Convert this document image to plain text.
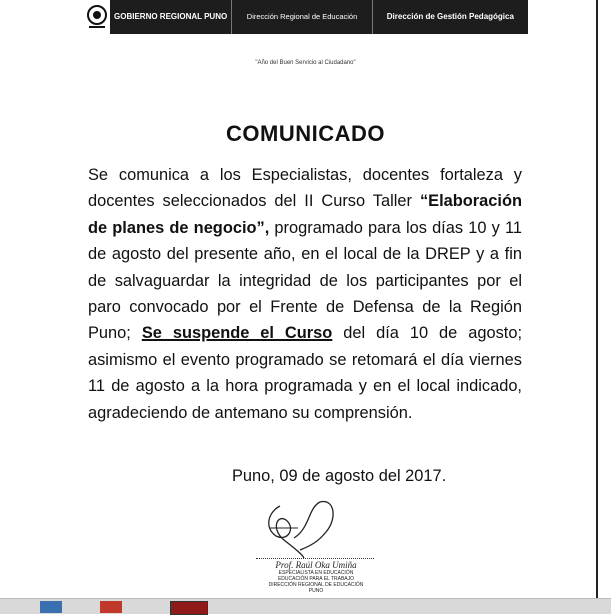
GOBIERNO REGIONAL PUNO	Dirección Regional de Educación	Dirección de Gestión Pedagógica
"Año del Buen Servicio al Ciudadano"
COMUNICADO
Se comunica a los Especialistas, docentes fortaleza y docentes seleccionados del II Curso Taller “Elaboración de planes de negocio”, programado para los días 10 y 11 de agosto del presente año, en el local de la DREP y a fin de salvaguardar la integridad de los participantes por el paro convocado por el Frente de Defensa de la Región Puno; Se suspende el Curso del día 10 de agosto; asimismo el evento programado se retomará el día viernes 11 de agosto a la hora programada y en el local indicado, agradeciendo de antemano su comprensión.
Puno, 09 de agosto del 2017.
Prof. Raúl Oka Umiña
ESPECIALISTA EN EDUCACIÓN
EDUCACIÓN PARA EL TRABAJO
DIRECCIÓN REGIONAL DE EDUCACIÓN
PUNO
